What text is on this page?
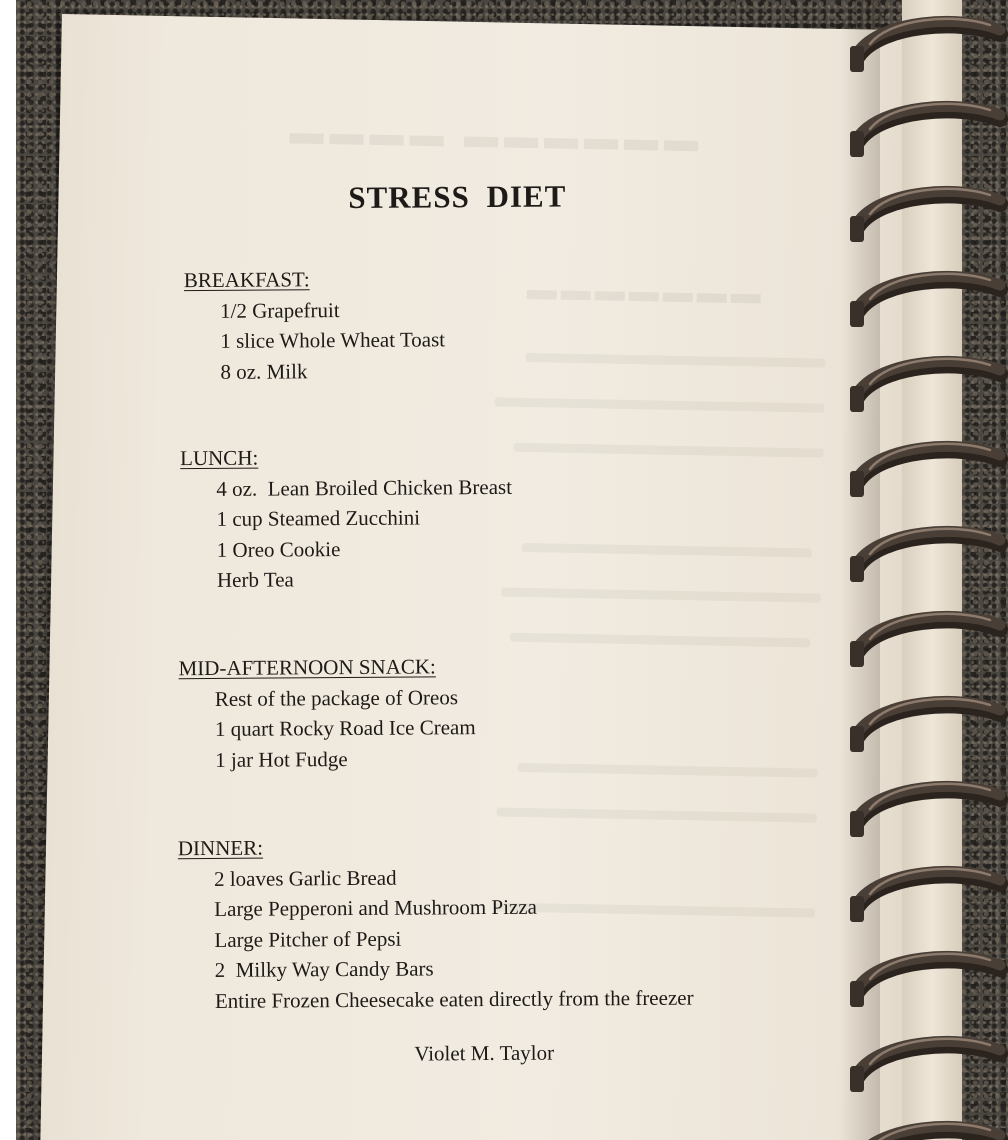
▬▬▬▬ ▬▬▬▬▬▬
▬▬▬▬▬▬▬
STRESS DIET

BREAKFAST:

1/2 Grapefruit
1 slice Whole Wheat Toast
8 oz. Milk

LUNCH:

4 oz.  Lean Broiled Chicken Breast
1 cup Steamed Zucchini
1 Oreo Cookie
Herb Tea

MID-AFTERNOON SNACK:

Rest of the package of Oreos
1 quart Rocky Road Ice Cream
1 jar Hot Fudge

DINNER:

2 loaves Garlic Bread
Large Pepperoni and Mushroom Pizza
Large Pitcher of Pepsi
2  Milky Way Candy Bars
Entire Frozen Cheesecake eaten directly from the freezer
Violet M. Taylor
